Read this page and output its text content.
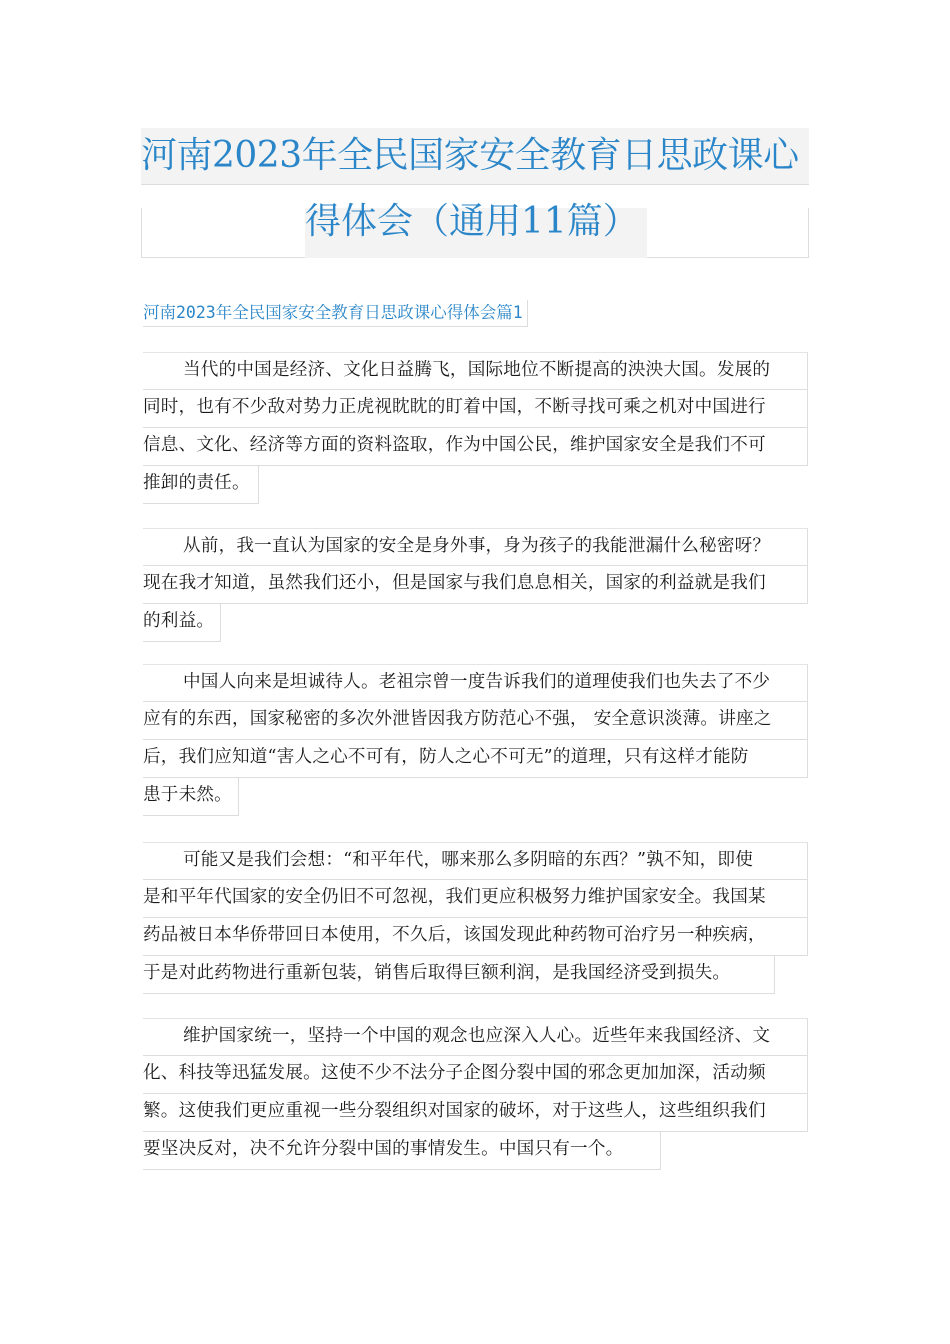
河南2023年全民国家安全教育日思政课心
得体会（通用11篇）
河南2023年全民国家安全教育日思政课心得体会篇1
当代的中国是经济、文化日益腾飞，国际地位不断提高的泱泱大国。发展的
同时，也有不少敌对势力正虎视眈眈的盯着中国，不断寻找可乘之机对中国进行
信息、文化、经济等方面的资料盗取，作为中国公民，维护国家安全是我们不可
推卸的责任。
从前，我一直认为国家的安全是身外事，身为孩子的我能泄漏什么秘密呀？
现在我才知道，虽然我们还小，但是国家与我们息息相关，国家的利益就是我们
的利益。
中国人向来是坦诚待人。老祖宗曾一度告诉我们的道理使我们也失去了不少
应有的东西，国家秘密的多次外泄皆因我方防范心不强， 安全意识淡薄。讲座之
后，我们应知道“害人之心不可有，防人之心不可无”的道理，只有这样才能防
患于未然。
可能又是我们会想：“和平年代，哪来那么多阴暗的东西？”孰不知，即使
是和平年代国家的安全仍旧不可忽视，我们更应积极努力维护国家安全。我国某
药品被日本华侨带回日本使用，不久后，该国发现此种药物可治疗另一种疾病，
于是对此药物进行重新包装，销售后取得巨额利润，是我国经济受到损失。
维护国家统一，坚持一个中国的观念也应深入人心。近些年来我国经济、文
化、科技等迅猛发展。这使不少不法分子企图分裂中国的邪念更加加深，活动频
繁。这使我们更应重视一些分裂组织对国家的破坏，对于这些人，这些组织我们
要坚决反对，决不允许分裂中国的事情发生。中国只有一个。
